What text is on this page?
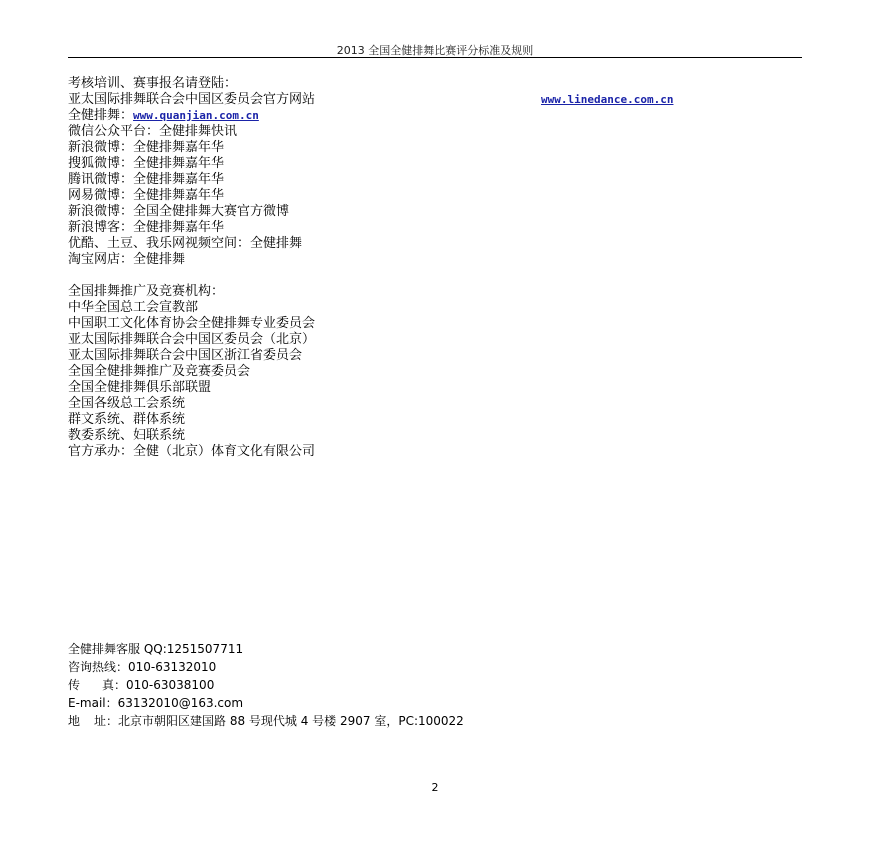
2013 全国全健排舞比赛评分标准及规则
考核培训、赛事报名请登陆：
亚太国际排舞联合会中国区委员会官方网站	www.linedance.com.cn
全健排舞：www.quanjian.com.cn
微信公众平台：全健排舞快讯
新浪微博：全健排舞嘉年华
搜狐微博：全健排舞嘉年华
腾讯微博：全健排舞嘉年华
网易微博：全健排舞嘉年华
新浪微博：全国全健排舞大赛官方微博
新浪博客：全健排舞嘉年华
优酷、土豆、我乐网视频空间：全健排舞
淘宝网店：全健排舞
全国排舞推广及竞赛机构：
中华全国总工会宣教部
中国职工文化体育协会全健排舞专业委员会
亚太国际排舞联合会中国区委员会（北京）
亚太国际排舞联合会中国区浙江省委员会
全国全健排舞推广及竞赛委员会
全国全健排舞俱乐部联盟
全国各级总工会系统
群文系统、群体系统
教委系统、妇联系统
官方承办：全健（北京）体育文化有限公司
全健排舞客服 QQ:1251507711
咨询热线：010-63132010
传 真：010-63038100
E-mail：63132010@163.com
地 址：北京市朝阳区建国路 88 号现代城 4 号楼 2907 室，PC:100022
2
